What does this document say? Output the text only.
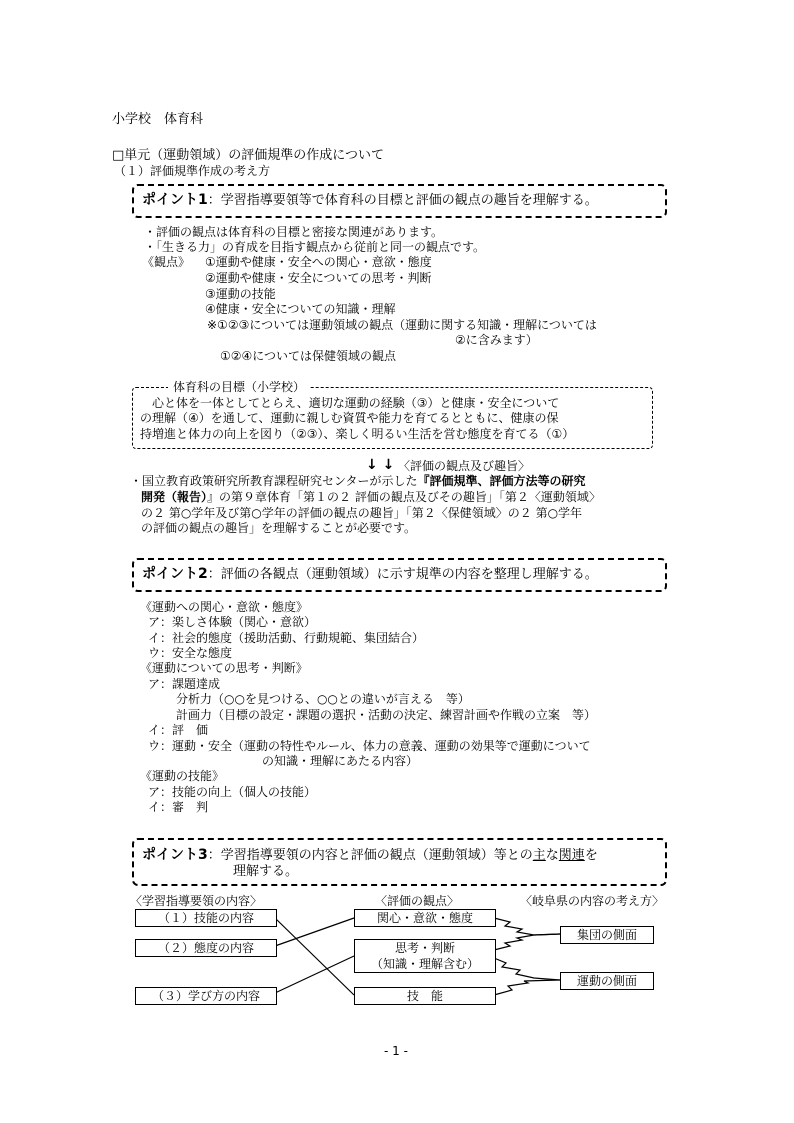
小学校　体育科
□単元（運動領域）の評価規準の作成について
（１）評価規準作成の考え方
ポイント1：学習指導要領等で体育科の目標と評価の観点の趣旨を理解する。
・評価の観点は体育科の目標と密接な関連があります。
・「生きる力」の育成を目指す観点から従前と同一の観点です。
《観点》 ①運動や健康・安全への関心・意欲・態度
②運動や健康・安全についての思考・判断
③運動の技能
④健康・安全についての知識・理解
※①②③については運動領域の観点（運動に関する知識・理解については
②に含みます）
①②④については保健領域の観点
体育科の目標（小学校）
心と体を一体としてとらえ、適切な運動の経験（③）と健康・安全について
の理解（④）を通して、運動に親しむ資質や能力を育てるとともに、健康の保
持増進と体力の向上を図り（②③）、楽しく明るい生活を営む態度を育てる（①）
↓ ↓ 〈評価の観点及び趣旨〉
・国立教育政策研究所教育課程研究センターが示した『評価規準、評価方法等の研究
開発（報告）』の第９章体育「第１の２ 評価の観点及びその趣旨」「第２〈運動領域〉
の２ 第○学年及び第○学年の評価の観点の趣旨」「第２〈保健領域〉の２ 第○学年
の評価の観点の趣旨」を理解することが必要です。
ポイント2：評価の各観点（運動領域）に示す規準の内容を整理し理解する。
《運動への関心・意欲・態度》
ア：楽しさ体験（関心・意欲）
イ：社会的態度（援助活動、行動規範、集団結合）
ウ：安全な態度
《運動についての思考・判断》
ア：課題達成
分析力（○○を見つける、○○との違いが言える　等）
計画力（目標の設定・課題の選択・活動の決定、練習計画や作戦の立案　等）
イ：評　価
ウ：運動・安全（運動の特性やルール、体力の意義、運動の効果等で運動について
の知識・理解にあたる内容）
《運動の技能》
ア：技能の向上（個人の技能）
イ：審　判
ポイント3：学習指導要領の内容と評価の観点（運動領域）等との主な関連を
理解する。
〈学習指導要領の内容〉	〈評価の観点〉	〈岐阜県の内容の考え方〉
（１）技能の内容
（２）態度の内容
（３）学び方の内容
関心・意欲・態度
思考・判断
（知識・理解含む）
技　能
集団の側面
運動の側面
- 1 -
